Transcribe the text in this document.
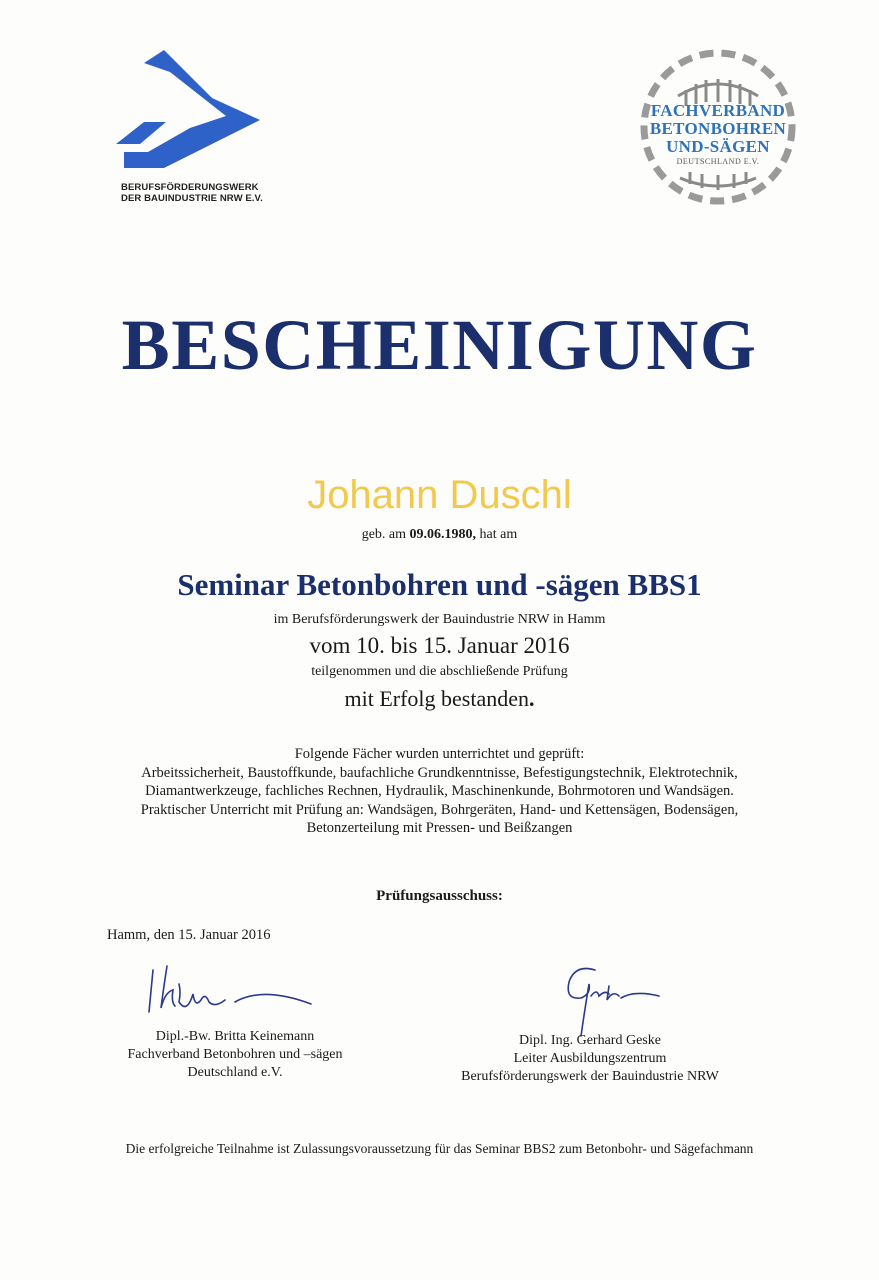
BERUFSFÖRDERUNGSWERK
DER BAUINDUSTRIE NRW E.V.
FACHVERBAND
BETONBOHREN
UND-SÄGEN
DEUTSCHLAND E.V.
BESCHEINIGUNG
Johann Duschl
geb. am 09.06.1980, hat am
Seminar Betonbohren und -sägen BBS1
im Berufsförderungswerk der Bauindustrie NRW in Hamm
vom 10. bis 15. Januar 2016
teilgenommen und die abschließende Prüfung
mit Erfolg bestanden.
Folgende Fächer wurden unterrichtet und geprüft:
Arbeitssicherheit, Baustoffkunde, baufachliche Grundkenntnisse, Befestigungstechnik, Elektrotechnik,
Diamantwerkzeuge, fachliches Rechnen, Hydraulik, Maschinenkunde, Bohrmotoren und Wandsägen.
Praktischer Unterricht mit Prüfung an: Wandsägen, Bohrgeräten, Hand- und Kettensägen, Bodensägen,
Betonzerteilung mit Pressen- und Beißzangen
Prüfungsausschuss:
Hamm, den 15. Januar 2016
Dipl.-Bw. Britta Keinemann
Fachverband Betonbohren und –sägen
Deutschland e.V.
Dipl. Ing. Gerhard Geske
Leiter Ausbildungszentrum
Berufsförderungswerk der Bauindustrie NRW
Die erfolgreiche Teilnahme ist Zulassungsvoraussetzung für das Seminar BBS2 zum Betonbohr- und Sägefachmann
